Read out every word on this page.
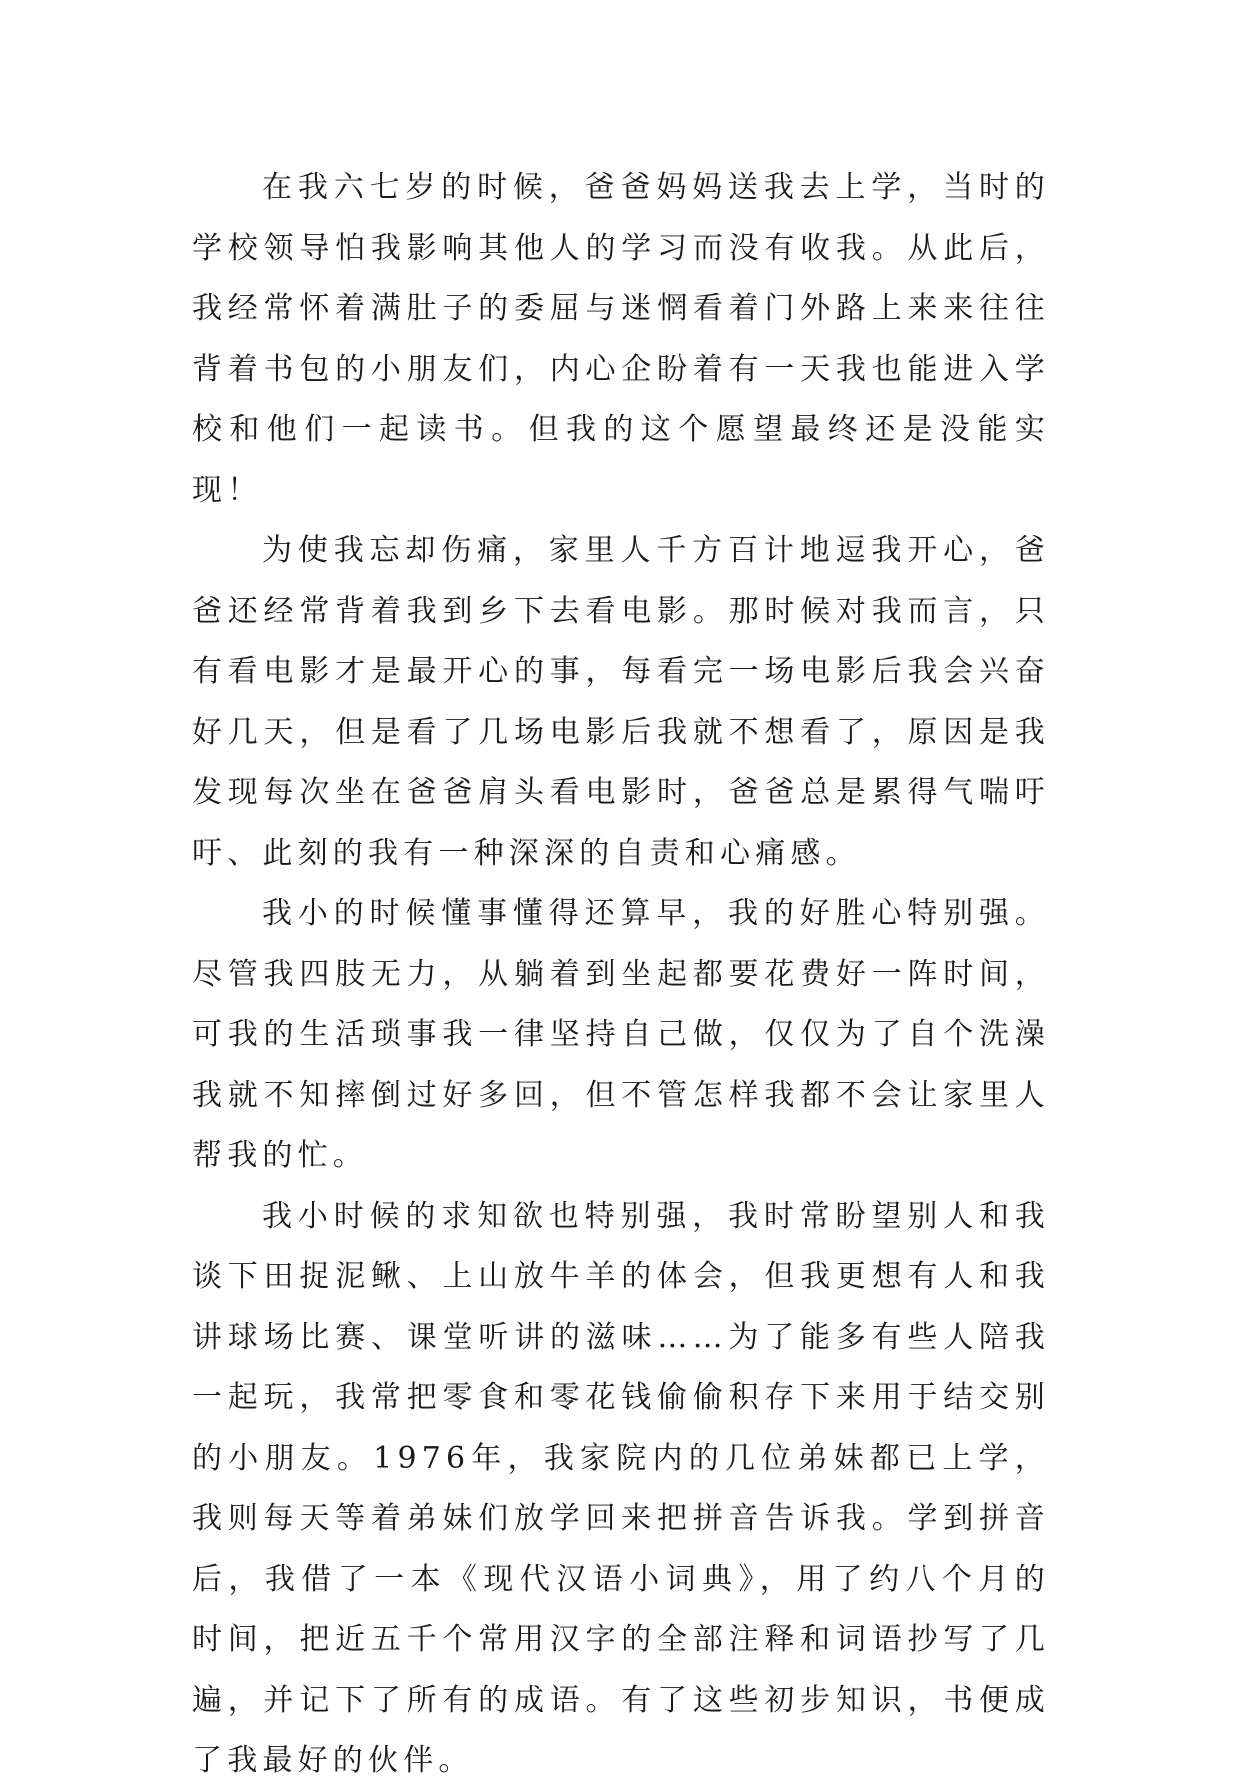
在我六七岁的时候，爸爸妈妈送我去上学，当时的学校领导怕我影响其他人的学习而没有收我。从此后，我经常怀着满肚子的委屈与迷惘看着门外路上来来往往背着书包的小朋友们，内心企盼着有一天我也能进入学校和他们一起读书。但我的这个愿望最终还是没能实现！

为使我忘却伤痛，家里人千方百计地逗我开心，爸爸还经常背着我到乡下去看电影。那时候对我而言，只有看电影才是最开心的事，每看完一场电影后我会兴奋好几天，但是看了几场电影后我就不想看了，原因是我发现每次坐在爸爸肩头看电影时，爸爸总是累得气喘吁吁、此刻的我有一种深深的自责和心痛感。

我小的时候懂事懂得还算早，我的好胜心特别强。尽管我四肢无力，从躺着到坐起都要花费好一阵时间，可我的生活琐事我一律坚持自己做，仅仅为了自个洗澡我就不知摔倒过好多回，但不管怎样我都不会让家里人帮我的忙。

我小时候的求知欲也特别强，我时常盼望别人和我谈下田捉泥鳅、上山放牛羊的体会，但我更想有人和我讲球场比赛、课堂听讲的滋味……为了能多有些人陪我一起玩，我常把零食和零花钱偷偷积存下来用于结交别的小朋友。1976年，我家院内的几位弟妹都已上学，我则每天等着弟妹们放学回来把拼音告诉我。学到拼音后，我借了一本《现代汉语小词典》，用了约八个月的时间，把近五千个常用汉字的全部注释和词语抄写了几遍，并记下了所有的成语。有了这些初步知识，书便成了我最好的伙伴。
